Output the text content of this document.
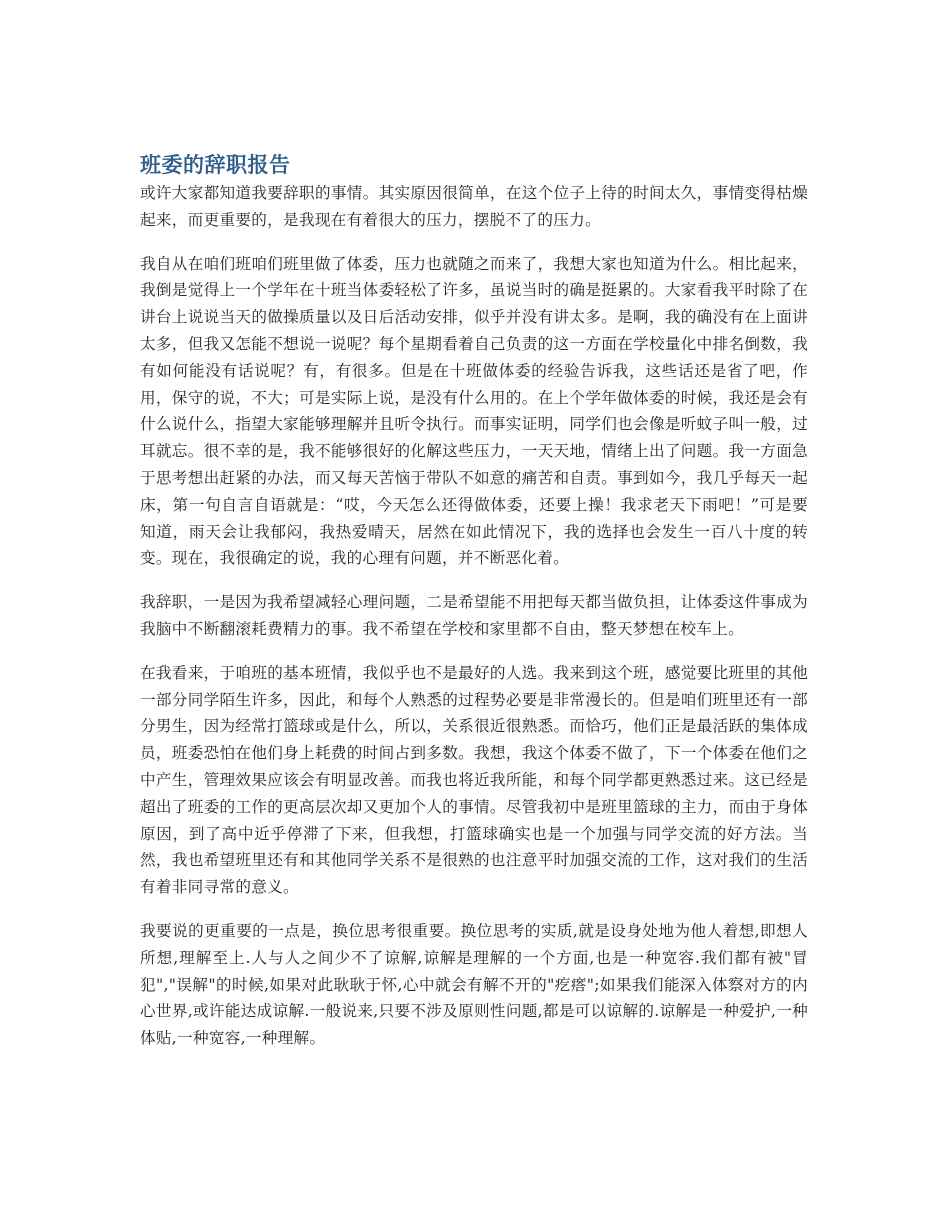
班委的辞职报告

或许大家都知道我要辞职的事情。其实原因很简单，在这个位子上待的时间太久，事情变得枯燥起来，而更重要的，是我现在有着很大的压力，摆脱不了的压力。

我自从在咱们班咱们班里做了体委，压力也就随之而来了，我想大家也知道为什么。相比起来，我倒是觉得上一个学年在十班当体委轻松了许多，虽说当时的确是挺累的。大家看我平时除了在讲台上说说当天的做操质量以及日后活动安排，似乎并没有讲太多。是啊，我的确没有在上面讲太多，但我又怎能不想说一说呢？每个星期看着自己负责的这一方面在学校量化中排名倒数，我有如何能没有话说呢？有，有很多。但是在十班做体委的经验告诉我，这些话还是省了吧，作用，保守的说，不大；可是实际上说，是没有什么用的。在上个学年做体委的时候，我还是会有什么说什么，指望大家能够理解并且听令执行。而事实证明，同学们也会像是听蚊子叫一般，过耳就忘。很不幸的是，我不能够很好的化解这些压力，一天天地，情绪上出了问题。我一方面急于思考想出赶紧的办法，而又每天苦恼于带队不如意的痛苦和自责。事到如今，我几乎每天一起床，第一句自言自语就是：“哎，今天怎么还得做体委，还要上操！我求老天下雨吧！”可是要知道，雨天会让我郁闷，我热爱晴天，居然在如此情况下，我的选择也会发生一百八十度的转变。现在，我很确定的说，我的心理有问题，并不断恶化着。

我辞职，一是因为我希望减轻心理问题，二是希望能不用把每天都当做负担，让体委这件事成为我脑中不断翻滚耗费精力的事。我不希望在学校和家里都不自由，整天梦想在校车上。

在我看来，于咱班的基本班情，我似乎也不是最好的人选。我来到这个班，感觉要比班里的其他一部分同学陌生许多，因此，和每个人熟悉的过程势必要是非常漫长的。但是咱们班里还有一部分男生，因为经常打篮球或是什么，所以，关系很近很熟悉。而恰巧，他们正是最活跃的集体成员，班委恐怕在他们身上耗费的时间占到多数。我想，我这个体委不做了，下一个体委在他们之中产生，管理效果应该会有明显改善。而我也将近我所能，和每个同学都更熟悉过来。这已经是超出了班委的工作的更高层次却又更加个人的事情。尽管我初中是班里篮球的主力，而由于身体原因，到了高中近乎停滞了下来，但我想，打篮球确实也是一个加强与同学交流的好方法。当然，我也希望班里还有和其他同学关系不是很熟的也注意平时加强交流的工作，这对我们的生活有着非同寻常的意义。

我要说的更重要的一点是，换位思考很重要。换位思考的实质,就是设身处地为他人着想,即想人所想,理解至上.人与人之间少不了谅解,谅解是理解的一个方面,也是一种宽容.我们都有被"冒犯","误解"的时候,如果对此耿耿于怀,心中就会有解不开的"疙瘩";如果我们能深入体察对方的内心世界,或许能达成谅解.一般说来,只要不涉及原则性问题,都是可以谅解的.谅解是一种爱护,一种体贴,一种宽容,一种理解。
